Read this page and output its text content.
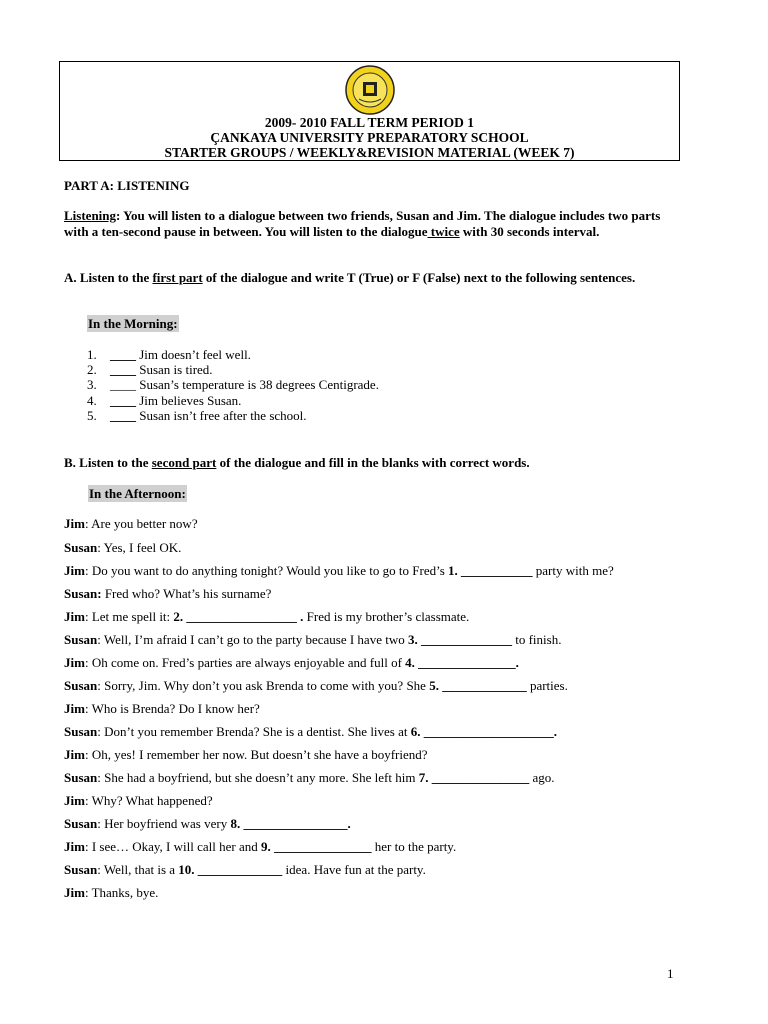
2009- 2010 FALL TERM PERIOD 1
ÇANKAYA UNIVERSITY PREPARATORY SCHOOL
STARTER GROUPS / WEEKLY&REVISION MATERIAL (WEEK 7)
PART A: LISTENING
Listening: You will listen to a dialogue between two friends, Susan and Jim. The dialogue includes two parts with a ten-second pause in between. You will listen to the dialogue twice with 30 seconds interval.
A. Listen to the first part of the dialogue and write T (True) or F (False) next to the following sentences.
In the Morning:
1.	____ Jim doesn’t feel well.
2.	____ Susan is tired.
3.	____ Susan’s temperature is 38 degrees Centigrade.
4.	____ Jim believes Susan.
5.	____ Susan isn’t free after the school.
B. Listen to the second part of the dialogue and fill in the blanks with correct words.
In the Afternoon:
Jim: Are you better now?
Susan: Yes, I feel OK.
Jim: Do you want to do anything tonight? Would you like to go to Fred’s 1. ___________ party with me?
Susan: Fred who? What’s his surname?
Jim: Let me spell it: 2. _________________ . Fred is my brother’s classmate.
Susan: Well, I’m afraid I can’t go to the party because I have two 3. ______________ to finish.
Jim: Oh come on. Fred’s parties are always enjoyable and full of 4. _______________.
Susan: Sorry, Jim. Why don’t you ask Brenda to come with you? She 5. _____________ parties.
Jim: Who is Brenda? Do I know her?
Susan: Don’t you remember Brenda? She is a dentist. She lives at 6. ____________________.
Jim: Oh, yes! I remember her now. But doesn’t she have a boyfriend?
Susan: She had a boyfriend, but she doesn’t any more. She left him 7. _______________ ago.
Jim: Why? What happened?
Susan: Her boyfriend was very 8. ________________.
Jim: I see… Okay, I will call her and 9. _______________ her to the party.
Susan: Well, that is a 10. _____________ idea. Have fun at the party.
Jim: Thanks, bye.
1
